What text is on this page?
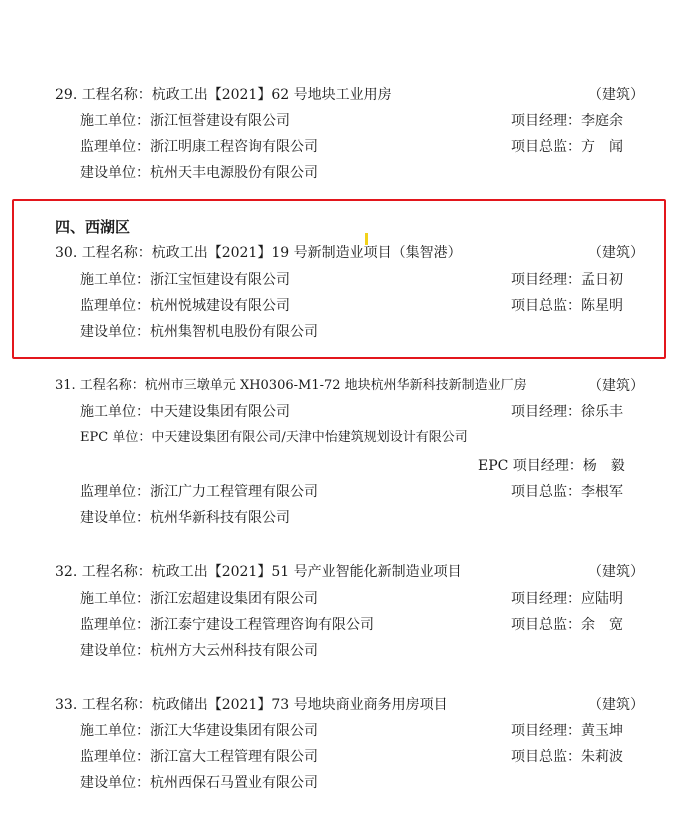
29. 工程名称：杭政工出【2021】62 号地块工业用房	（建筑）
施工单位：浙江恒誉建设有限公司	项目经理：李庭余
监理单位：浙江明康工程咨询有限公司	项目总监：方　闻
建设单位：杭州天丰电源股份有限公司
四、西湖区
30. 工程名称：杭政工出【2021】19 号新制造业项目（集智港）	（建筑）
施工单位：浙江宝恒建设有限公司	项目经理：孟日初
监理单位：杭州悦城建设有限公司	项目总监：陈星明
建设单位：杭州集智机电股份有限公司
31. 工程名称：杭州市三墩单元 XH0306-M1-72 地块杭州华新科技新制造业厂房	（建筑）
施工单位：中天建设集团有限公司	项目经理：徐乐丰
EPC 单位：中天建设集团有限公司/天津中怡建筑规划设计有限公司
EPC 项目经理：杨　毅
监理单位：浙江广力工程管理有限公司	项目总监：李根军
建设单位：杭州华新科技有限公司
32. 工程名称：杭政工出【2021】51 号产业智能化新制造业项目	（建筑）
施工单位：浙江宏超建设集团有限公司	项目经理：应陆明
监理单位：浙江泰宁建设工程管理咨询有限公司	项目总监：余　宽
建设单位：杭州方大云州科技有限公司
33. 工程名称：杭政储出【2021】73 号地块商业商务用房项目	（建筑）
施工单位：浙江大华建设集团有限公司	项目经理：黄玉坤
监理单位：浙江富大工程管理有限公司	项目总监：朱莉波
建设单位：杭州西保石马置业有限公司
